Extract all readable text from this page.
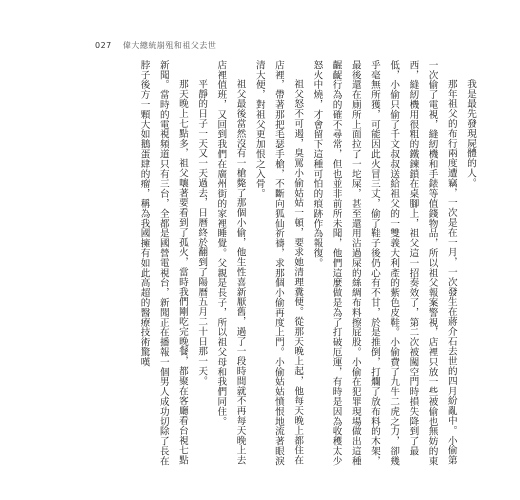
027 偉大總統崩殂和祖父去世

我是最先發現屍體的人。

那年祖父的布行兩度遭竊，一次是在一月，一次發生在蔣介石去世的四月紛亂中。小偷第一次偷了電視，縫紉機和手錶等值錢物品，所以祖父報案警視，店裡只放一些被偷也無妨的東西，縫紉機用很粗的鐵鍊鎖在桌腳上，祖父這一招奏效了，第二次被闖空門時損失降到了最低，小偷只偷了千文叔叔送給祖父的一雙義大利產的紫色皮鞋。小偷費了九牛二虎之力，卻幾乎毫無所獲，可能因此火冒三丈，偷了鞋子後仍心有不甘，於是推倒，打爛了放布料的木架，最後還在廁所上面拉了一坨屎，甚至還用沾過屎的絲綢布料擦屁股。小偷在犯罪現場做出這種齷齪行為的確不尋常，但也並非前所未聞，他們這麼做是為了打破厄運，有時是因為收穫太少怒火中燒，才會留下這種可怕的痕跡作為報復。

祖父怒不可遏，臭罵小偷姑姑一頓，要求她清理糞便。從那天晚上起，他每天晚上都住在店裡，帶著那把毛瑟手槍，不斷向狐仙祈禱，求那個小偷再度上門。小偷姑姑憤恨地流著眼淚清大便，對祖父更加恨之入骨。

祖父最後當然沒有一槍斃了那個小偷，他生性喜新厭舊，過了一段時間就不再每天晚上去店裡值班，又回到我們在廣州街的家裡睡覺。父親是長子，所以祖父母和我們同住。

平靜的日子一天又一天過去，日曆終於翻到了陽曆五月二十日那一天。

那天晚上七點多，祖父嚷著要看到了孤火，當時我們剛吃完晚餐，都聚在客廳看台視七點新聞。當時的電視頻道只有三台，全都是國營電視台，新聞正在播報一個男人成功切除了長在脖子後方一顆大如鵝蛋肆的瘤，稱為我國擁有如此高超的醫療技術驚嘆
